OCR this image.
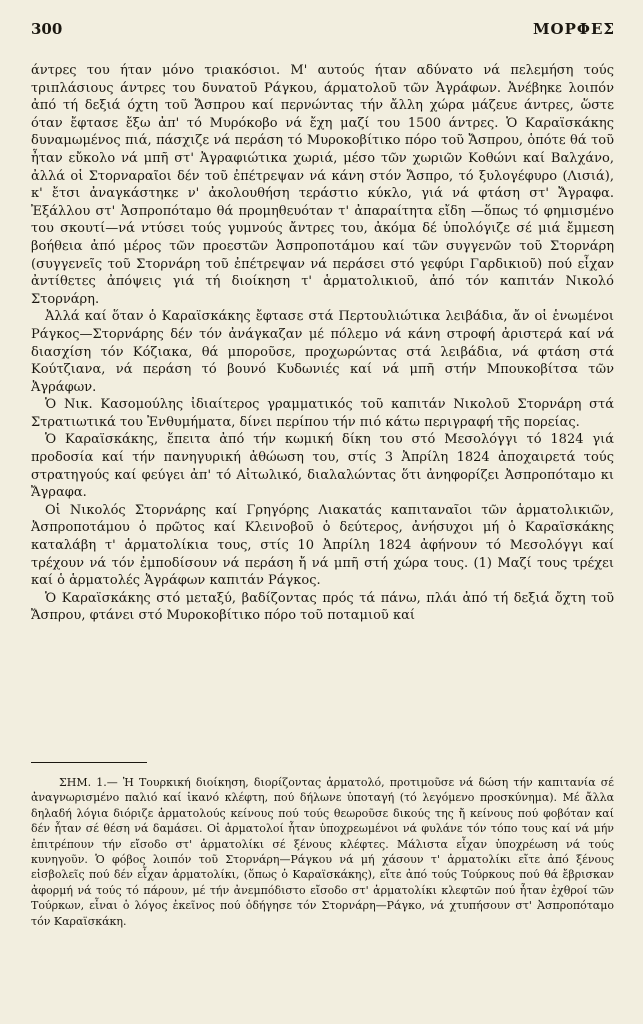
300	ΜΟΡΦΕΣ

άντρες του ήταν μόνο τριακόσιοι. Μ' αυτούς ήταν αδύνατο νά πελεμήση τούς τριπλάσιους άντρες του δυνατοῦ Ράγκου, άρματολοῦ τῶν Ἀγράφων. Ἀνέβηκε λοιπόν ἀπό τή δεξιά όχτη τοῦ Ἄσπρου καί περνώντας τήν ἄλλη χώρα μάζευε άντρες, ὥστε όταν ἔφτασε ἔξω ἀπ' τό Μυρόκοβο νά ἔχη μαζί του 1500 άντρες. Ὁ Καραϊσκάκης δυναμωμένος πιά, πάσχιζε νά περάση τό Μυροκοβίτικο πόρο τοῦ Ἄσπρου, ὁπότε θά τοῦ ἦταν εὔκολο νά μπῆ στ' Ἀγραφιώτικα χωριά, μέσο τῶν χωριῶν Κοθώνι καί Βαλχάνο, ἀλλά οἱ Στορναραῖοι δέν τοῦ ἐπέτρεψαν νά κάνη στόν Ἄσπρο, τό ξυλογέφυρο (Λισιά), κ' ἔτσι ἀναγκάστηκε ν' ἀκολουθήση τεράστιο κύκλο, γιά νά φτάση στ' Ἄγραφα. Ἐξάλλου στ' Ἀσπροπόταμο θά προμηθευόταν τ' ἀπαραίτητα εἴδη —ὅπως τό φημισμένο του σκουτί—νά ντύσει τούς γυμνούς ἄντρες του, ἀκόμα δέ ὑπολόγιζε σέ μιά ἔμμεση βοήθεια ἀπό μέρος τῶν προεστῶν Ἀσπροποτάμου καί τῶν συγγενῶν τοῦ Στορνάρη (συγγενεῖς τοῦ Στορνάρη τοῦ ἐπέτρεψαν νά περάσει στό γεφύρι Γαρδικιοῦ) πού εἶχαν ἀντίθετες ἀπόψεις γιά τή διοίκηση τ' ἁρματολικιοῦ, ἀπό τόν καπιτάν Νικολό Στορνάρη.

Ἀλλά καί ὅταν ὁ Καραϊσκάκης ἔφτασε στά Περτουλιώτικα λειβάδια, ἄν οἱ ἑνωμένοι Ράγκος—Στορνάρης δέν τόν ἀνάγκαζαν μέ πόλεμο νά κάνη στροφή ἀριστερά καί νά διασχίση τόν Κόζιακα, θά μποροῦσε, προχωρώντας στά λειβάδια, νά φτάση στά Κούτζιανα, νά περάση τό βουνό Κυδωνιές καί νά μπῆ στήν Μπουκοβίτσα τῶν Ἀγράφων.

Ὁ Νικ. Κασομούλης ἰδιαίτερος γραμματικός τοῦ καπιτάν Νικολοῦ Στορνάρη στά Στρατιωτικά του Ἐνθυμήματα, δίνει περίπου τήν πιό κάτω περιγραφή τῆς πορείας.

Ὁ Καραϊσκάκης, ἔπειτα ἀπό τήν κωμική δίκη του στό Μεσολόγγι τό 1824 γιά προδοσία καί τήν πανηγυρική ἀθώωση του, στίς 3 Ἀπρίλη 1824 ἀποχαιρετά τούς στρατηγούς καί φεύγει ἀπ' τό Αἰτωλικό, διαλαλώντας ὅτι ἀνηφορίζει Ἀσπροπόταμο κι Ἄγραφα.

Οἱ Νικολός Στορνάρης καί Γρηγόρης Λιακατάς καπιταναῖοι τῶν ἁρματολικιῶν, Ἀσπροποτάμου ὁ πρῶτος καί Κλεινοβοῦ ὁ δεύτερος, ἀνήσυχοι μή ὁ Καραϊσκάκης καταλάβη τ' ἁρματολίκια τους, στίς 10 Ἀπρίλη 1824 ἀφήνουν τό Μεσολόγγι καί τρέχουν νά τόν ἐμποδίσουν νά περάση ἤ νά μπῆ στή χώρα τους. (1) Μαζί τους τρέχει καί ὁ ἁρματολές Ἀγράφων καπιτάν Ράγκος.

Ὁ Καραϊσκάκης στό μεταξύ, βαδίζοντας πρός τά πάνω, πλάι ἀπό τή δεξιά ὄχτη τοῦ Ἄσπρου, φτάνει στό Μυροκοβίτικο πόρο τοῦ ποταμιοῦ καί

ΣΗΜ. 1.— Ἡ Τουρκική διοίκηση, διορίζοντας ἁρματολό, προτιμοῦσε νά δώση τήν καπιτανία σέ ἀναγνωρισμένο παλιό καί ἱκανό κλέφτη, πού δήλωνε ὑποταγή (τό λεγόμενο προσκύνημα). Μέ ἄλλα δηλαδή λόγια διόριζε ἁρματολούς κείνους πού τούς θεωροῦσε δικούς της ἤ κείνους πού φοβόταν καί δέν ἦταν σέ θέση νά δαμάσει. Οἱ ἁρματολοί ἦταν ὑποχρεωμένοι νά φυλάνε τόν τόπο τους καί νά μήν ἐπιτρέπουν τήν εἴσοδο στ' ἁρματολίκι σέ ξένους κλέφτες. Μάλιστα εἶχαν ὑποχρέωση νά τούς κυνηγοῦν. Ὁ φόβος λοιπόν τοῦ Στορνάρη—Ράγκου νά μή χάσουν τ' ἁρματολίκι εἴτε ἀπό ξένους εἰσβολεῖς πού δέν εἶχαν ἁρματολίκι, (ὅπως ὁ Καραϊσκάκης), εἴτε ἀπό τούς Τούρκους πού θά ἔβρισκαν ἀφορμή νά τούς τό πάρουν, μέ τήν ἀνεμπόδιστο εἴσοδο στ' ἁρματολίκι κλεφτῶν πού ἦταν ἐχθροί τῶν Τούρκων, εἶναι ὁ λόγος ἐκεῖνος πού ὁδήγησε τόν Στορνάρη—Ράγκο, νά χτυπήσουν στ' Ἀσπροπόταμο τόν Καραϊσκάκη.
